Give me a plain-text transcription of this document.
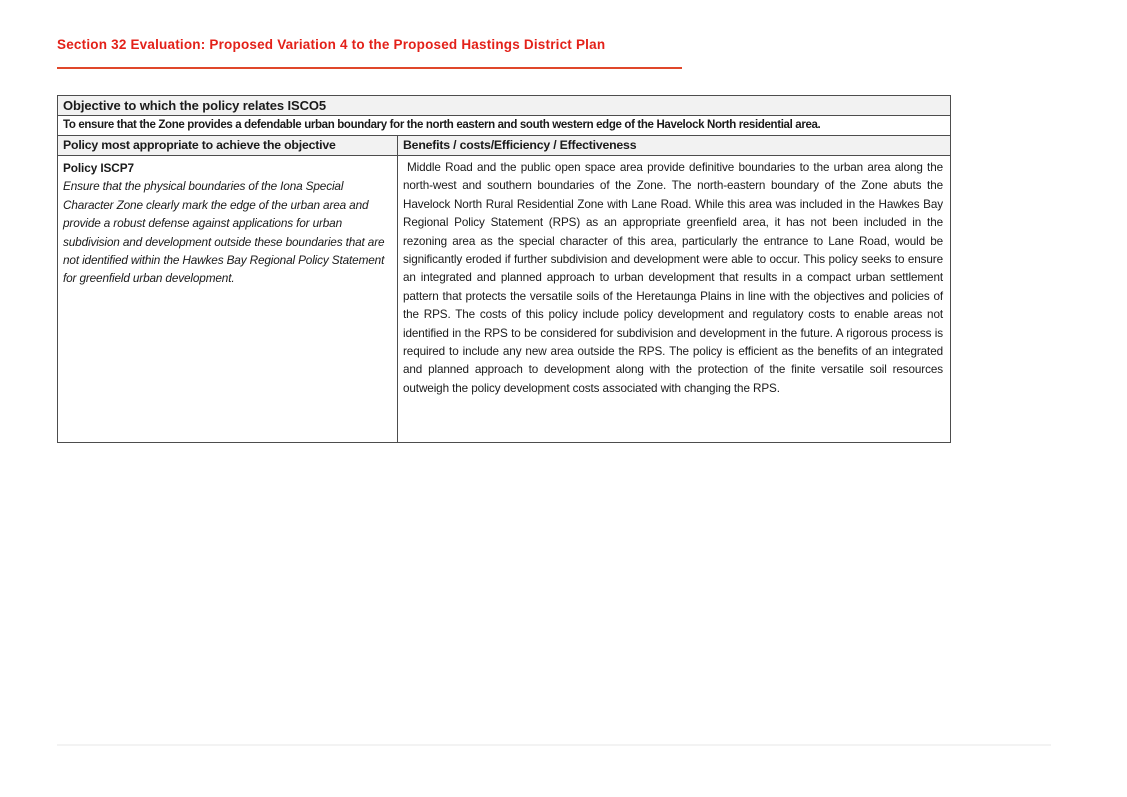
Section 32 Evaluation: Proposed Variation 4 to the Proposed Hastings District Plan
Objective to which the policy relates ISCO5
To ensure that the Zone provides a defendable urban boundary for the north eastern and south western edge of the Havelock North residential area.
Policy most appropriate to achieve the objective	Benefits / costs/Efficiency / Effectiveness
Policy ISCP7
Ensure that the physical boundaries of the Iona Special Character Zone clearly mark the edge of the urban area and provide a robust defense against applications for urban subdivision and development outside these boundaries that are not identified within the Hawkes Bay Regional Policy Statement for greenfield urban development.
Middle Road and the public open space area provide definitive boundaries to the urban area along the north-west and southern boundaries of the Zone. The north-eastern boundary of the Zone abuts the Havelock North Rural Residential Zone with Lane Road. While this area was included in the Hawkes Bay Regional Policy Statement (RPS) as an appropriate greenfield area, it has not been included in the rezoning area as the special character of this area, particularly the entrance to Lane Road, would be significantly eroded if further subdivision and development were able to occur. This policy seeks to ensure an integrated and planned approach to urban development that results in a compact urban settlement pattern that protects the versatile soils of the Heretaunga Plains in line with the objectives and policies of the RPS. The costs of this policy include policy development and regulatory costs to enable areas not identified in the RPS to be considered for subdivision and development in the future. A rigorous process is required to include any new area outside the RPS. The policy is efficient as the benefits of an integrated and planned approach to development along with the protection of the finite versatile soil resources outweigh the policy development costs associated with changing the RPS.
